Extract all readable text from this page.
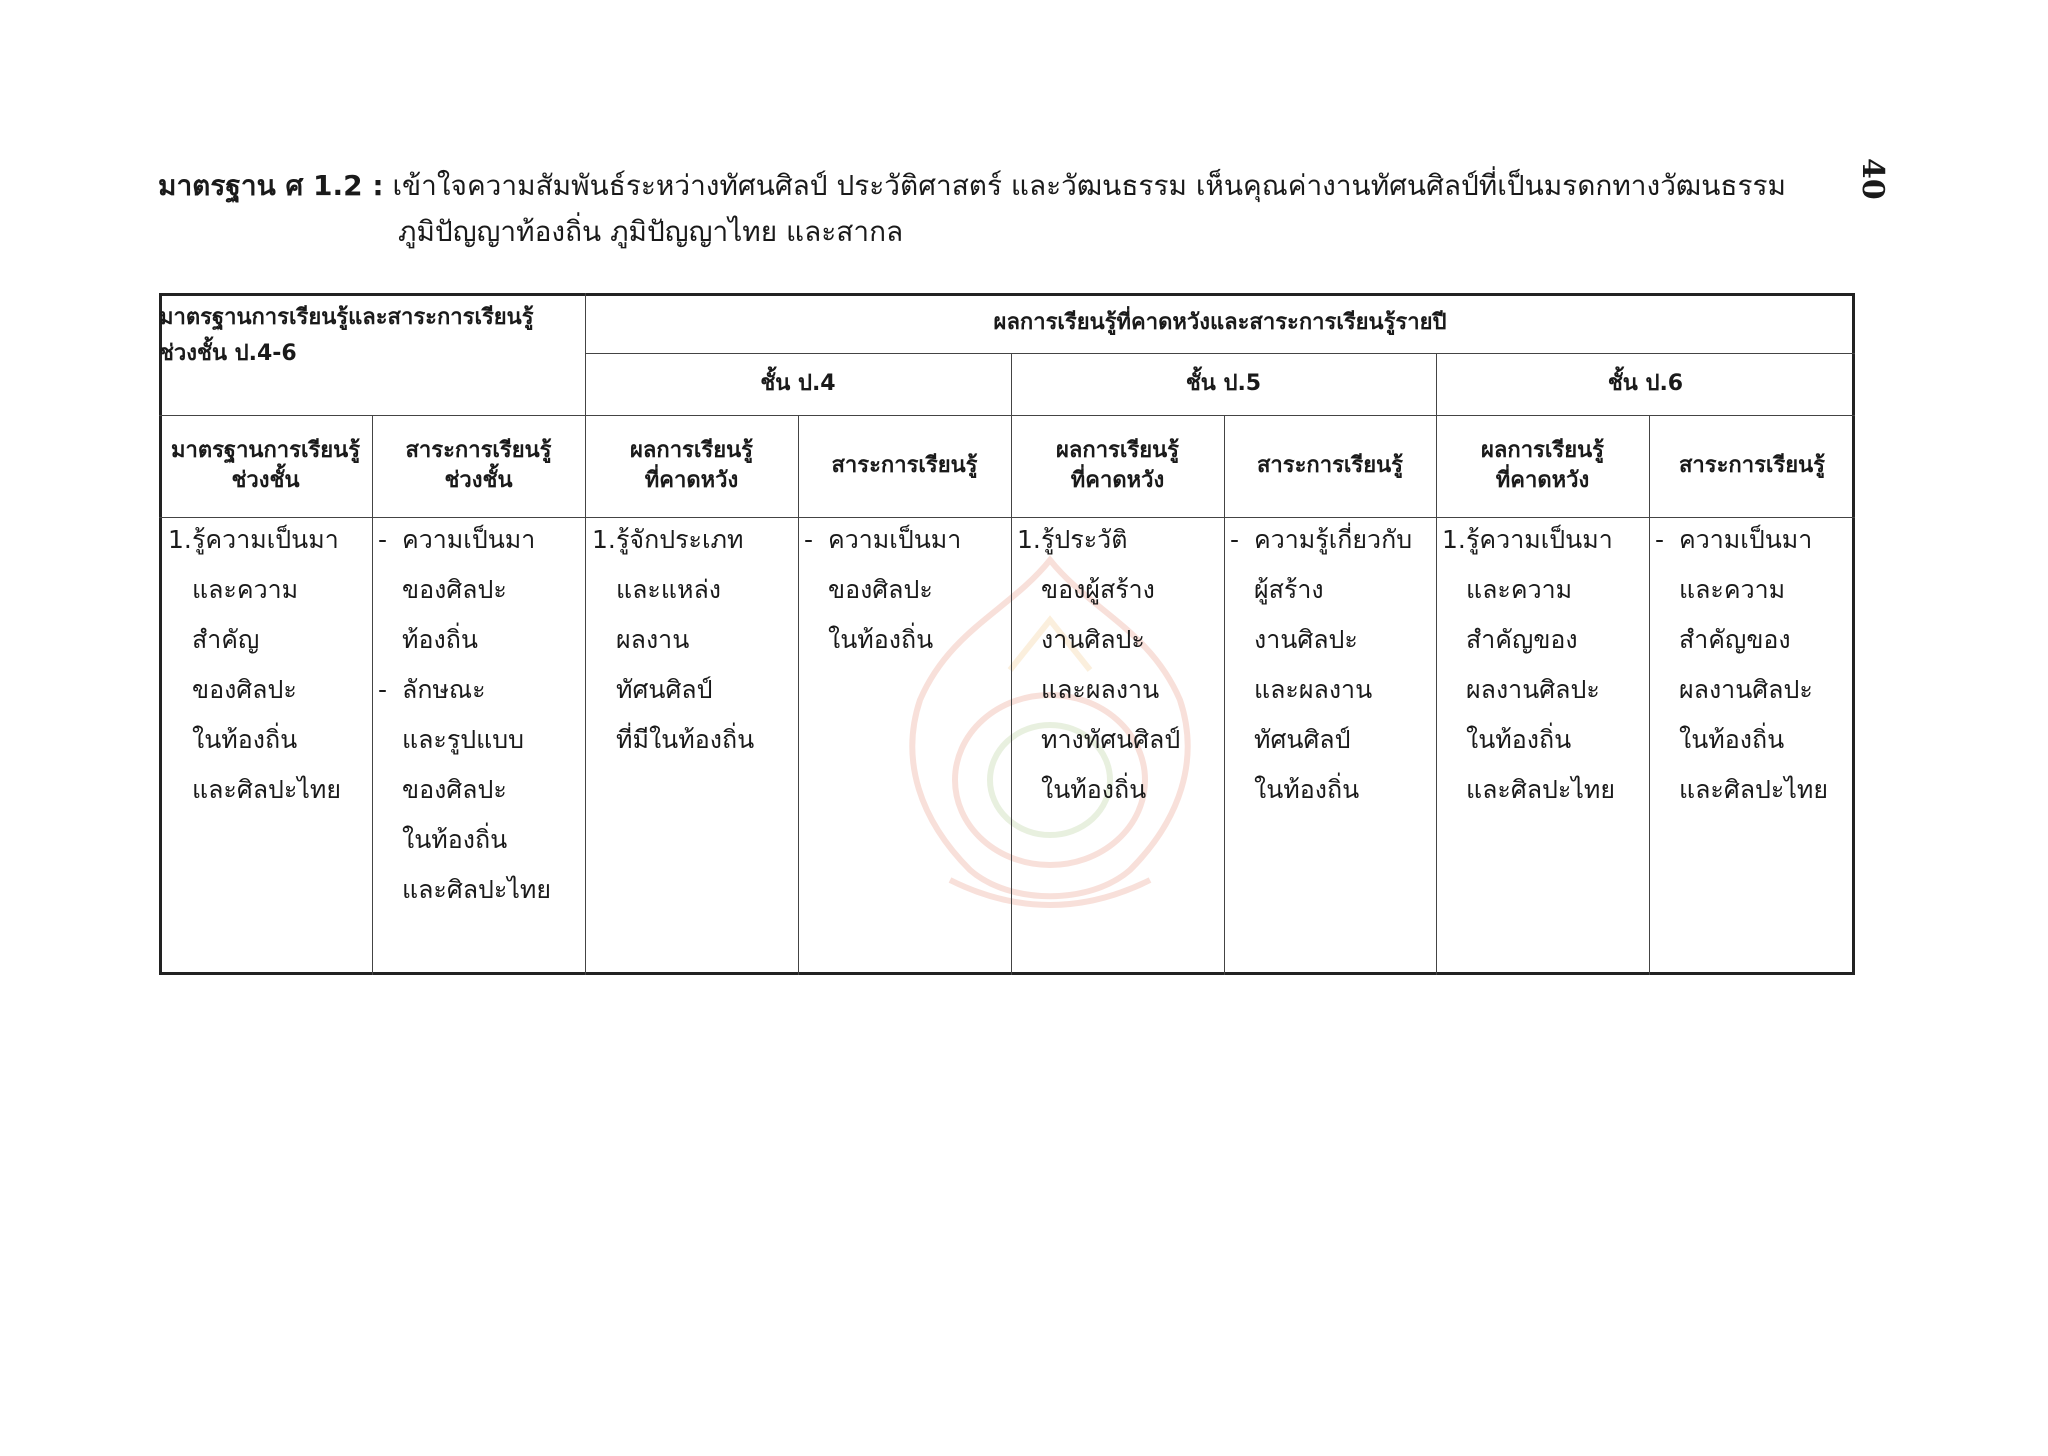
40
มาตรฐาน ศ 1.2 : เข้าใจความสัมพันธ์ระหว่างทัศนศิลป์ ประวัติศาสตร์ และวัฒนธรรม เห็นคุณค่างานทัศนศิลป์ที่เป็นมรดกทางวัฒนธรรม
ภูมิปัญญาท้องถิ่น ภูมิปัญญาไทย และสากล
มาตรฐานการเรียนรู้และสาระการเรียนรู้
ช่วงชั้น ป.4-6
ผลการเรียนรู้ที่คาดหวังและสาระการเรียนรู้รายปี
ชั้น ป.4	ชั้น ป.5	ชั้น ป.6
มาตรฐานการเรียนรู้
ช่วงชั้น
สาระการเรียนรู้
ช่วงชั้น
ผลการเรียนรู้
ที่คาดหวัง
สาระการเรียนรู้
ผลการเรียนรู้
ที่คาดหวัง
สาระการเรียนรู้
ผลการเรียนรู้
ที่คาดหวัง
สาระการเรียนรู้
1. รู้ความเป็นมา
และความ
สำคัญ
ของศิลปะ
ในท้องถิ่น
และศิลปะไทย
- ความเป็นมา
ของศิลปะ
ท้องถิ่น
- ลักษณะ
และรูปแบบ
ของศิลปะ
ในท้องถิ่น
และศิลปะไทย
1. รู้จักประเภท
และแหล่ง
ผลงาน
ทัศนศิลป์
ที่มีในท้องถิ่น
- ความเป็นมา
ของศิลปะ
ในท้องถิ่น
1. รู้ประวัติ
ของผู้สร้าง
งานศิลปะ
และผลงาน
ทางทัศนศิลป์
ในท้องถิ่น
- ความรู้เกี่ยวกับ
ผู้สร้าง
งานศิลปะ
และผลงาน
ทัศนศิลป์
ในท้องถิ่น
1. รู้ความเป็นมา
และความ
สำคัญของ
ผลงานศิลปะ
ในท้องถิ่น
และศิลปะไทย
- ความเป็นมา
และความ
สำคัญของ
ผลงานศิลปะ
ในท้องถิ่น
และศิลปะไทย
